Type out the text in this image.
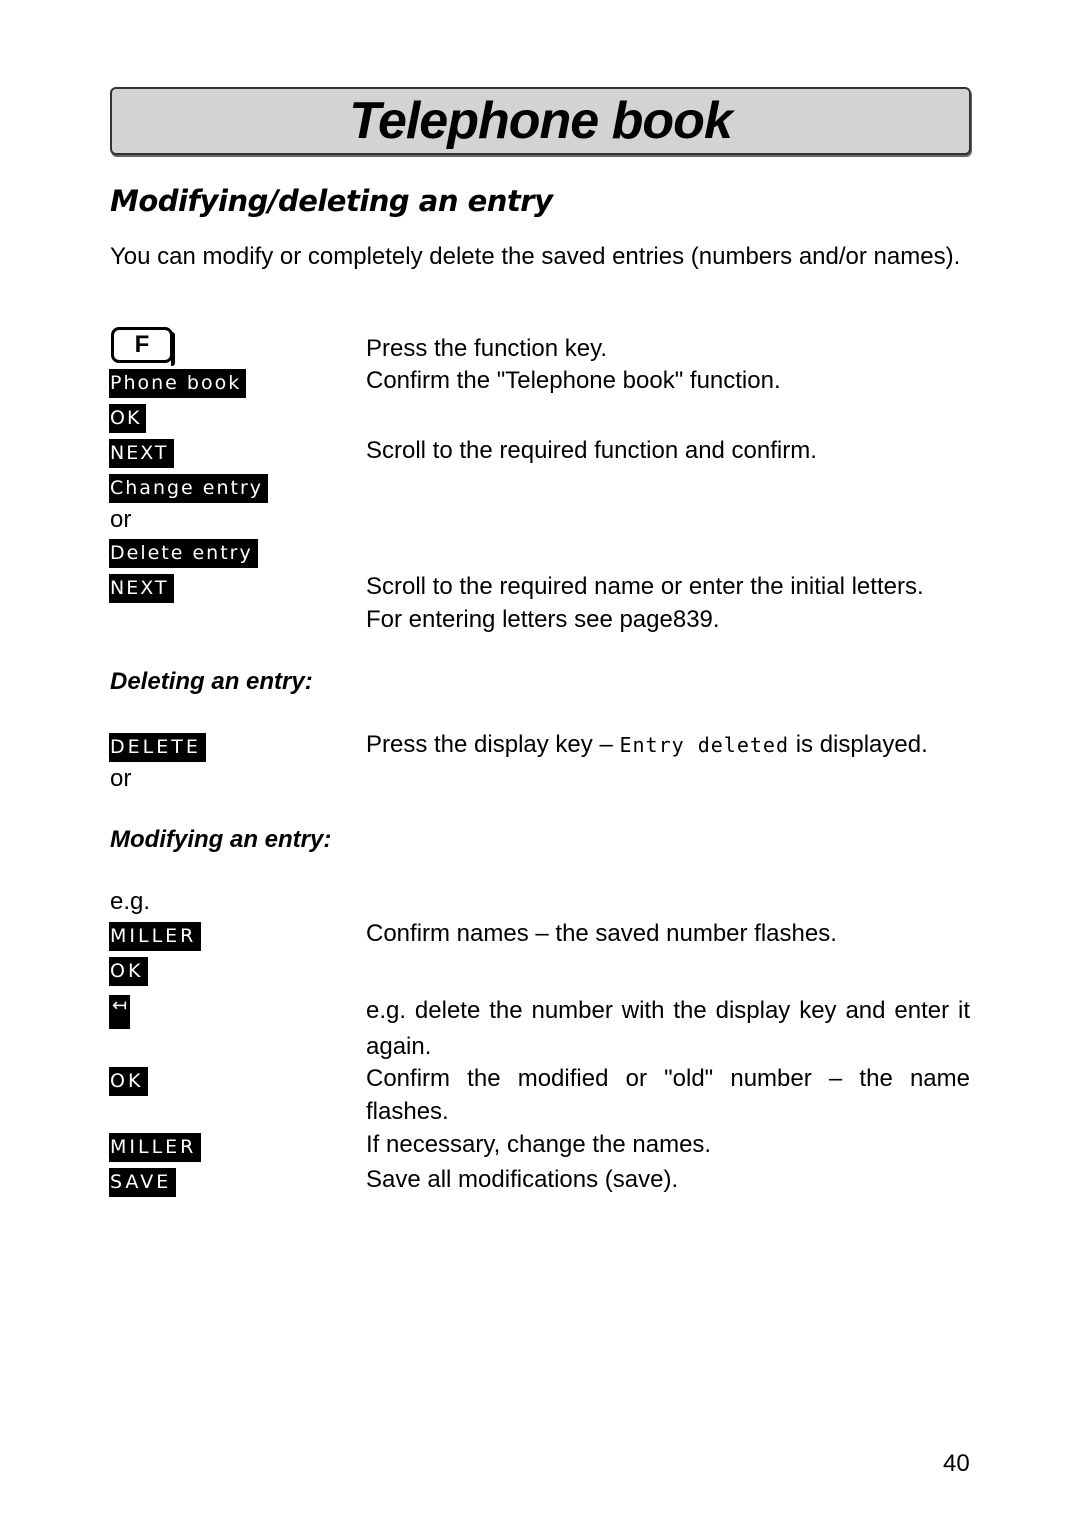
Telephone book
Modifying/deleting an entry
You can modify or completely delete the saved entries (numbers and/or names).
F	Press the function key.
Phone book	Confirm the "Telephone book" function.
OK
NEXT	Scroll to the required function and confirm.
Change entry
or
Delete entry
NEXT	Scroll to the required name or enter the initial letters.
For entering letters see page839.
Deleting an entry:
DELETE	Press the display key – Entry deleted is displayed.
or
Modifying an entry:
e.g.
MILLER	Confirm names – the saved number flashes.
OK
↤	e.g. delete the number with the display key and enter it again.
OK	Confirm the modified or "old" number – the name flashes.
MILLER	If necessary, change the names.
SAVE	Save all modifications (save).
40
